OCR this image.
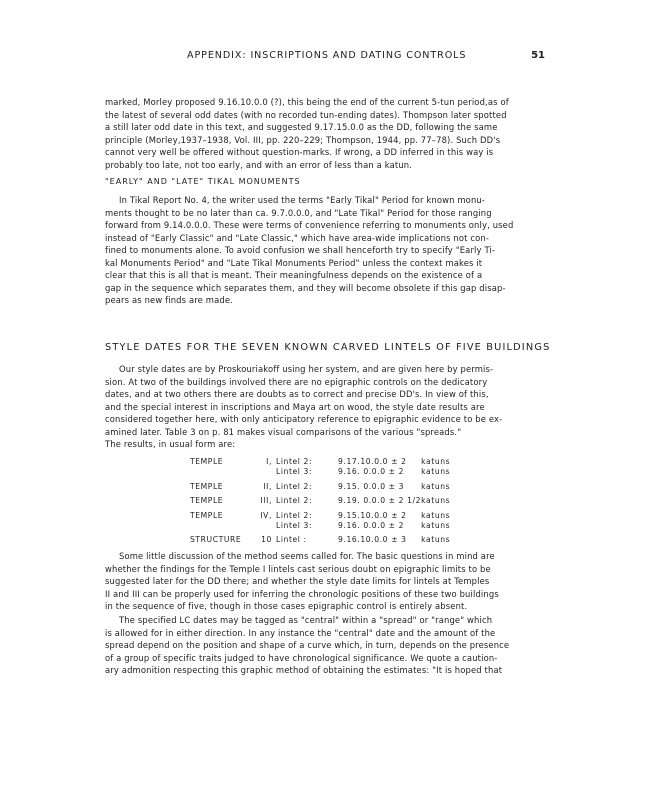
APPENDIX: INSCRIPTIONS AND DATING CONTROLS	51

marked, Morley proposed 9.16.10.0.0 (?), this being the end of the current 5-tun period,as of
the latest of several odd dates (with no recorded tun-ending dates). Thompson later spotted
a still later odd date in this text, and suggested 9.17.15.0.0 as the DD, following the same
principle (Morley,1937–1938, Vol. III, pp. 220–229; Thompson, 1944, pp. 77–78). Such DD's
cannot very well be offered without question-marks. If wrong, a DD inferred in this way is
probably too late, not too early, and with an error of less than a katun.

"EARLY" AND "LATE" TIKAL MONUMENTS

In Tikal Report No. 4, the writer used the terms "Early Tikal" Period for known monu-
ments thought to be no later than ca. 9.7.0.0.0, and "Late Tikal" Period for those ranging
forward from 9.14.0.0.0. These were terms of convenience referring to monuments only, used
instead of "Early Classic" and "Late Classic," which have area-wide implications not con-
fined to monuments alone. To avoid confusion we shall henceforth try to specify "Early Ti-
kal Monuments Period" and "Late Tikal Monuments Period" unless the context makes it
clear that this is all that is meant. Their meaningfulness depends on the existence of a
gap in the sequence which separates them, and they will become obsolete if this gap disap-
pears as new finds are made.

STYLE DATES FOR THE SEVEN KNOWN CARVED LINTELS OF FIVE BUILDINGS

Our style dates are by Proskouriakoff using her system, and are given here by permis-
sion. At two of the buildings involved there are no epigraphic controls on the dedicatory
dates, and at two others there are doubts as to correct and precise DD's. In view of this,
and the special interest in inscriptions and Maya art on wood, the style date results are
considered together here, with only anticipatory reference to epigraphic evidence to be ex-
amined later. Table 3 on p. 81 makes visual comparisons of the various "spreads."
The results, in usual form are:

TEMPLE	I,	Lintel 2:	9.17.10.0.0 ± 2	katuns
		Lintel 3:	9.16. 0.0.0 ± 2	katuns
TEMPLE	II,	Lintel 2:	9.15. 0.0.0 ± 3	katuns
TEMPLE	III,	Lintel 2:	9.19. 0.0.0 ± 2 1/2	katuns
TEMPLE	IV,	Lintel 2:	9.15.10.0.0 ± 2	katuns
		Lintel 3:	9.16. 0.0.0 ± 2	katuns
STRUCTURE	10	Lintel :	9.16.10.0.0 ± 3	katuns

Some little discussion of the method seems called for. The basic questions in mind are
whether the findings for the Temple I lintels cast serious doubt on epigraphic limits to be
suggested later for the DD there; and whether the style date limits for lintels at Temples
II and III can be properly used for inferring the chronologic positions of these two buildings
in the sequence of five, though in those cases epigraphic control is entirely absent.

The specified LC dates may be tagged as "central" within a "spread" or "range" which
is allowed for in either direction. In any instance the "central" date and the amount of the
spread depend on the position and shape of a curve which, in turn, depends on the presence
of a group of specific traits judged to have chronological significance. We quote a caution-
ary admonition respecting this graphic method of obtaining the estimates: "It is hoped that
